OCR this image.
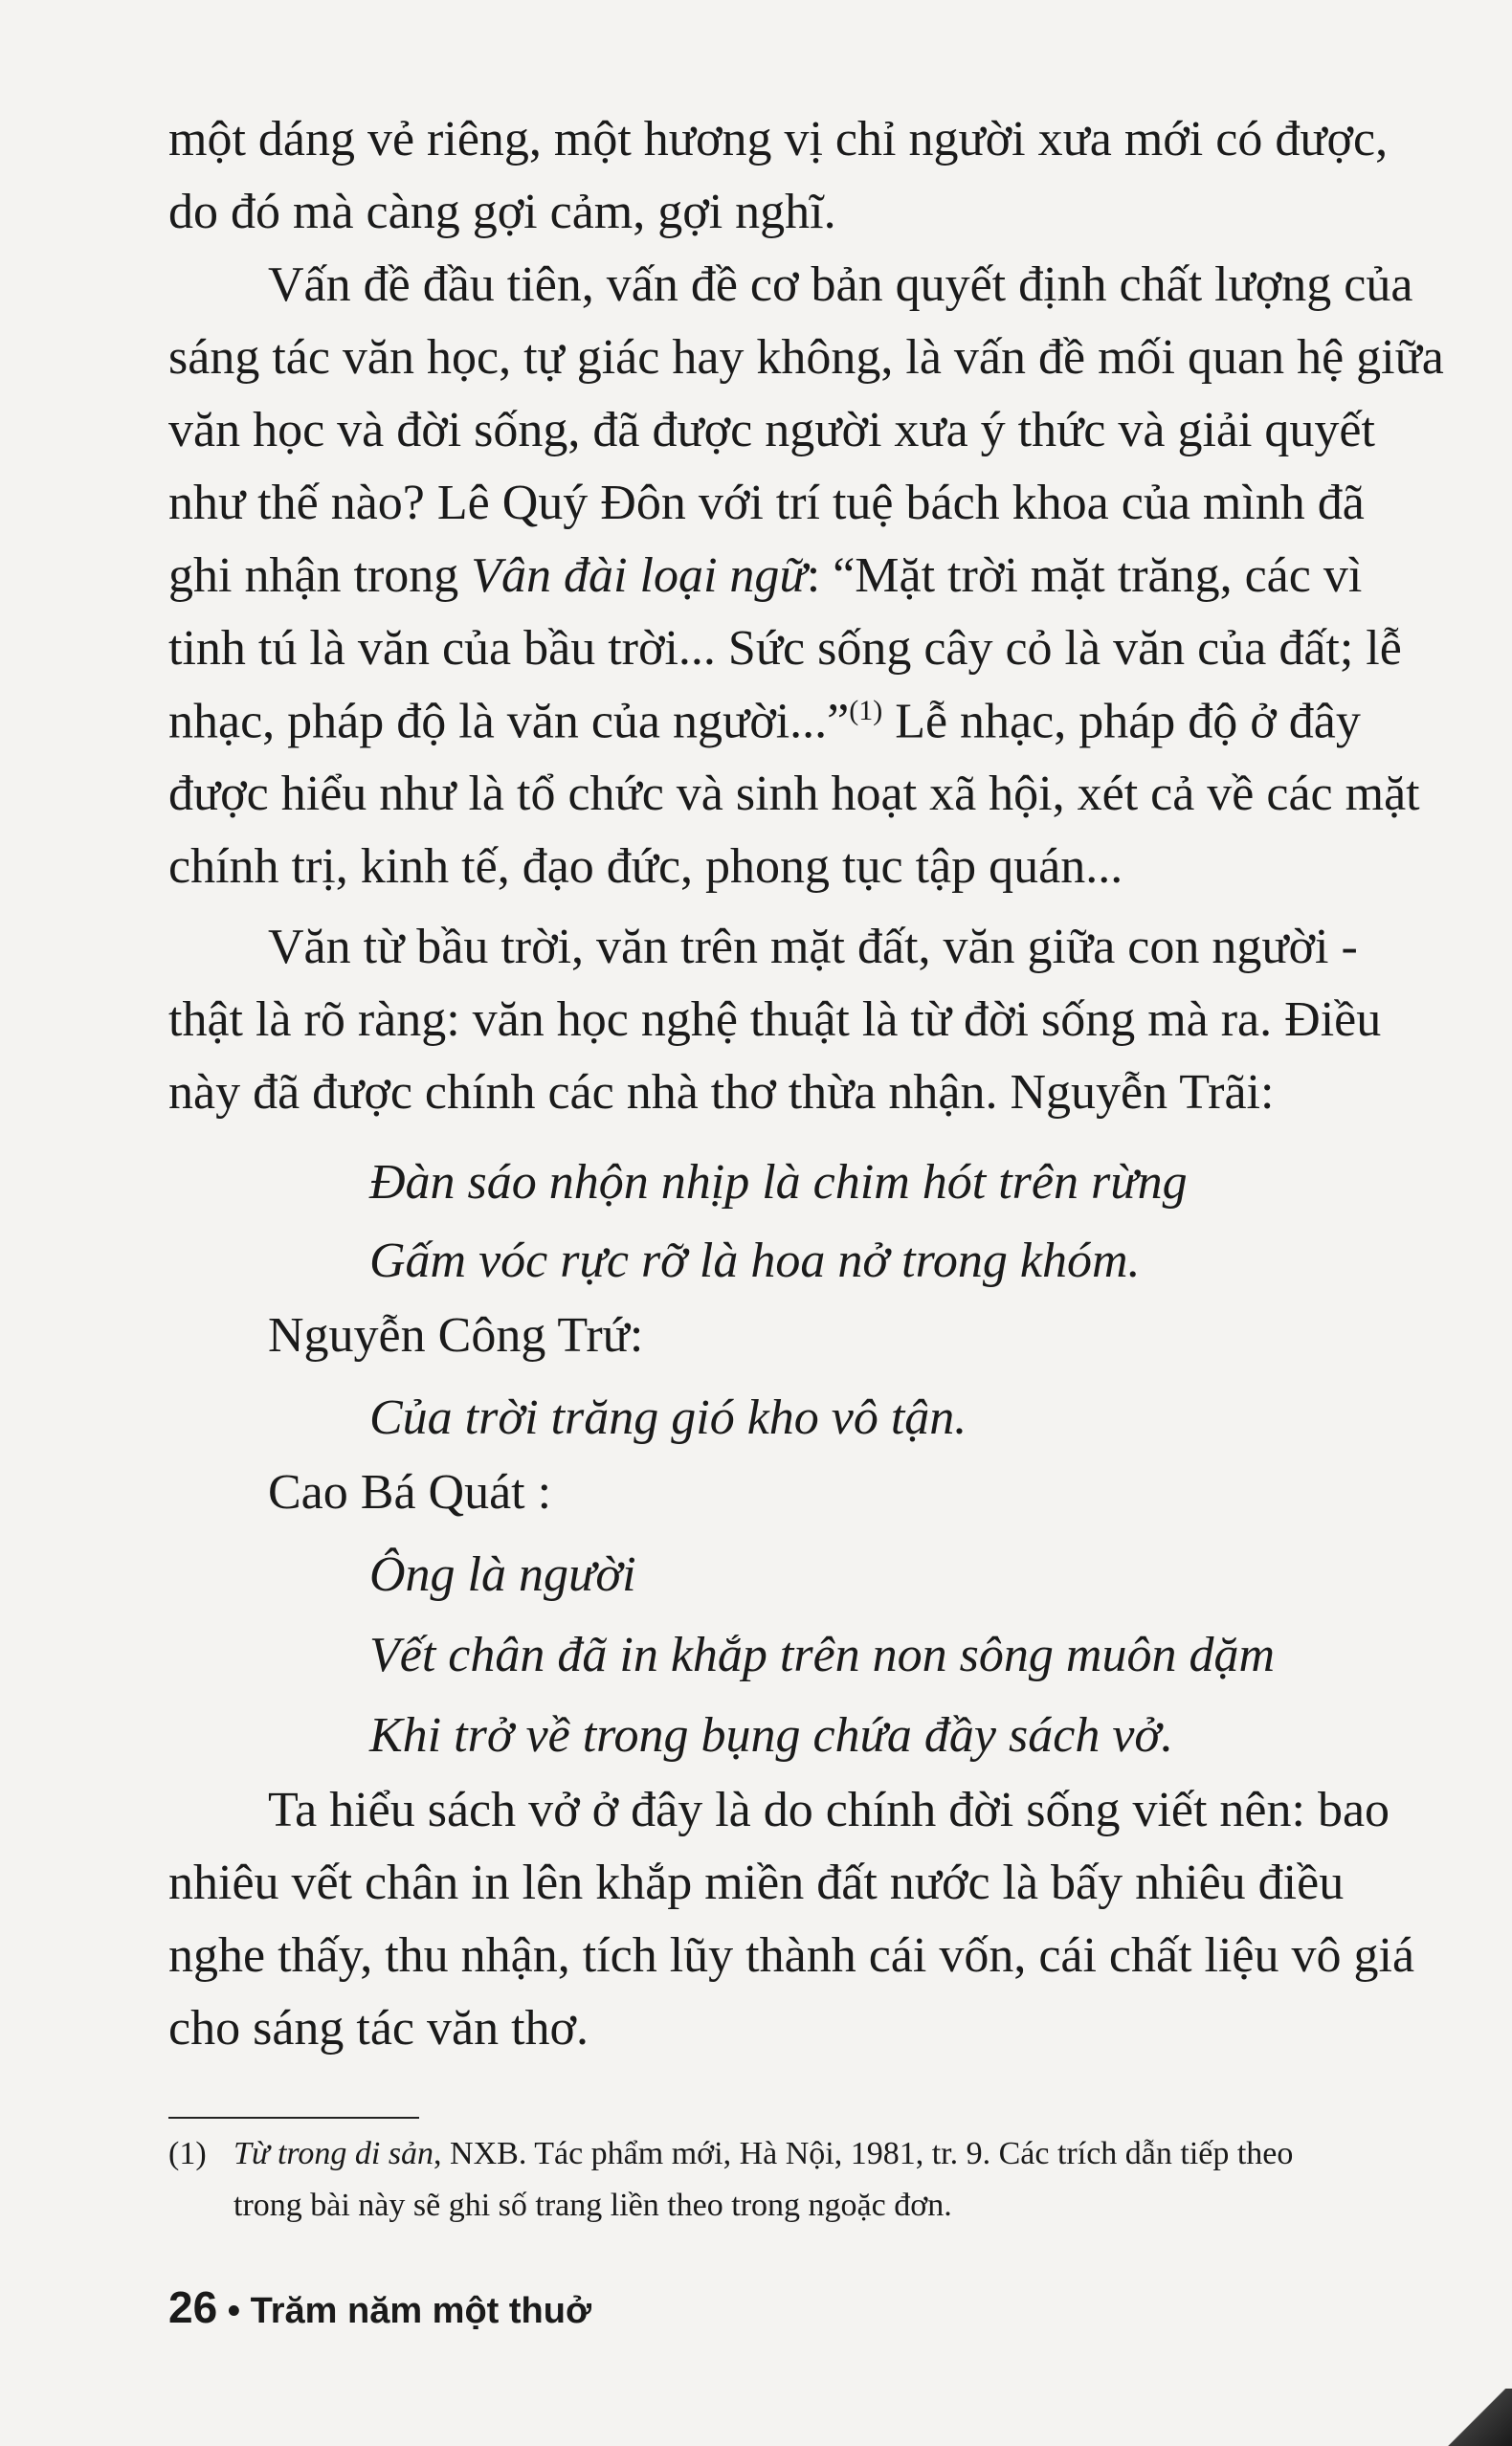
một dáng vẻ riêng, một hương vị chỉ người xưa mới có được,
do đó mà càng gợi cảm, gợi nghĩ.
Vấn đề đầu tiên, vấn đề cơ bản quyết định chất lượng của
sáng tác văn học, tự giác hay không, là vấn đề mối quan hệ giữa
văn học và đời sống, đã được người xưa ý thức và giải quyết
như thế nào? Lê Quý Đôn với trí tuệ bách khoa của mình đã
ghi nhận trong Vân đài loại ngữ: “Mặt trời mặt trăng, các vì
tinh tú là văn của bầu trời... Sức sống cây cỏ là văn của đất; lễ
nhạc, pháp độ là văn của người...”$^{(1)}$ Lễ nhạc, pháp độ ở đây
được hiểu như là tổ chức và sinh hoạt xã hội, xét cả về các mặt
chính trị, kinh tế, đạo đức, phong tục tập quán...
Văn từ bầu trời, văn trên mặt đất, văn giữa con người -
thật là rõ ràng: văn học nghệ thuật là từ đời sống mà ra. Điều
này đã được chính các nhà thơ thừa nhận. Nguyễn Trãi:
Đàn sáo nhộn nhịp là chim hót trên rừng
Gấm vóc rực rỡ là hoa nở trong khóm.
Nguyễn Công Trứ:
Của trời trăng gió kho vô tận.
Cao Bá Quát :
Ông là người
Vết chân đã in khắp trên non sông muôn dặm
Khi trở về trong bụng chứa đầy sách vở.
Ta hiểu sách vở ở đây là do chính đời sống viết nên: bao
nhiêu vết chân in lên khắp miền đất nước là bấy nhiêu điều
nghe thấy, thu nhận, tích lũy thành cái vốn, cái chất liệu vô giá
cho sáng tác văn thơ.
(1) Từ trong di sản, NXB. Tác phẩm mới, Hà Nội, 1981, tr. 9. Các trích dẫn tiếp theo
trong bài này sẽ ghi số trang liền theo trong ngoặc đơn.
26 • Trăm năm một thuở
